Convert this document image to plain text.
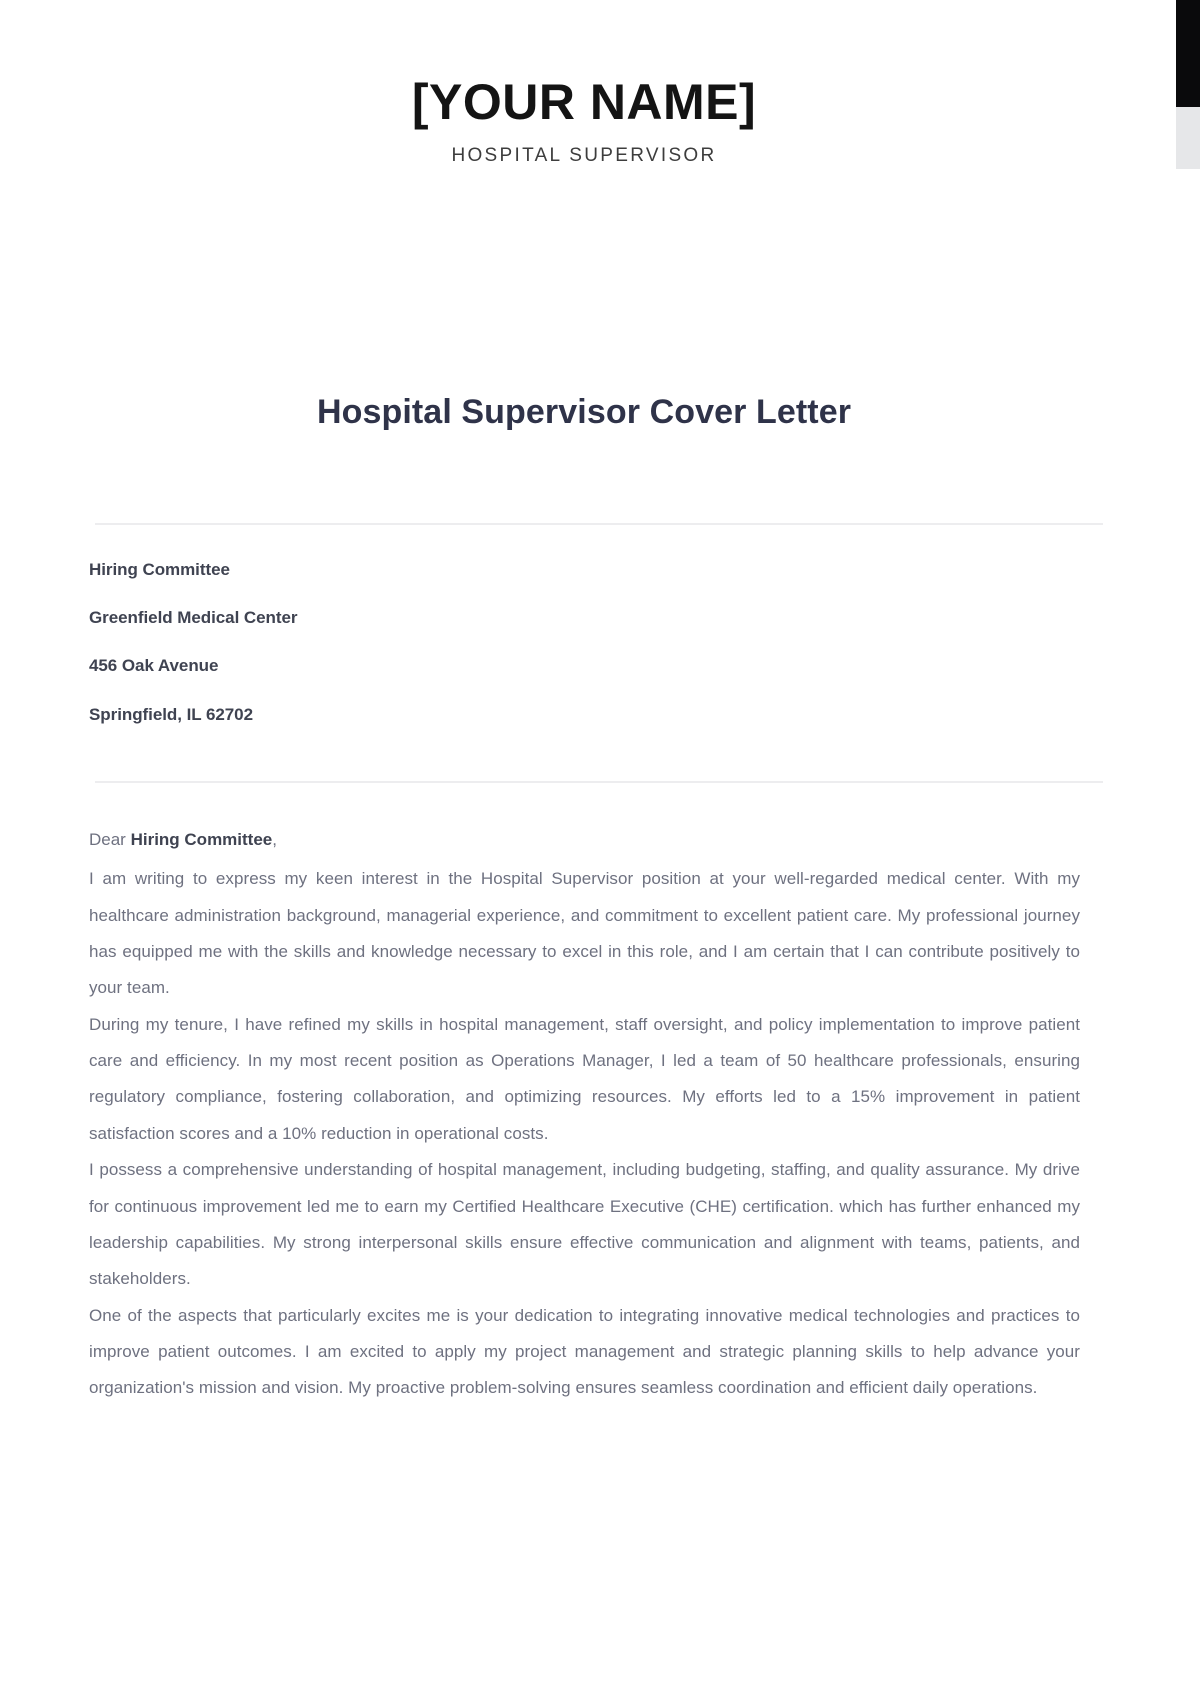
[YOUR NAME]
HOSPITAL SUPERVISOR
Hospital Supervisor Cover Letter
Hiring Committee
Greenfield Medical Center
456 Oak Avenue
Springfield, IL 62702
Dear Hiring Committee,

I am writing to express my keen interest in the Hospital Supervisor position at your well-regarded medical center. With my healthcare administration background, managerial experience, and commitment to excellent patient care. My professional journey has equipped me with the skills and knowledge necessary to excel in this role, and I am certain that I can contribute positively to your team.

During my tenure, I have refined my skills in hospital management, staff oversight, and policy implementation to improve patient care and efficiency. In my most recent position as Operations Manager, I led a team of 50 healthcare professionals, ensuring regulatory compliance, fostering collaboration, and optimizing resources. My efforts led to a 15% improvement in patient satisfaction scores and a 10% reduction in operational costs.

I possess a comprehensive understanding of hospital management, including budgeting, staffing, and quality assurance. My drive for continuous improvement led me to earn my Certified Healthcare Executive (CHE) certification. which has further enhanced my leadership capabilities. My strong interpersonal skills ensure effective communication and alignment with teams, patients, and stakeholders.

One of the aspects that particularly excites me is your dedication to integrating innovative medical technologies and practices to improve patient outcomes. I am excited to apply my project management and strategic planning skills to help advance your organization's mission and vision. My proactive problem-solving ensures seamless coordination and efficient daily operations.
